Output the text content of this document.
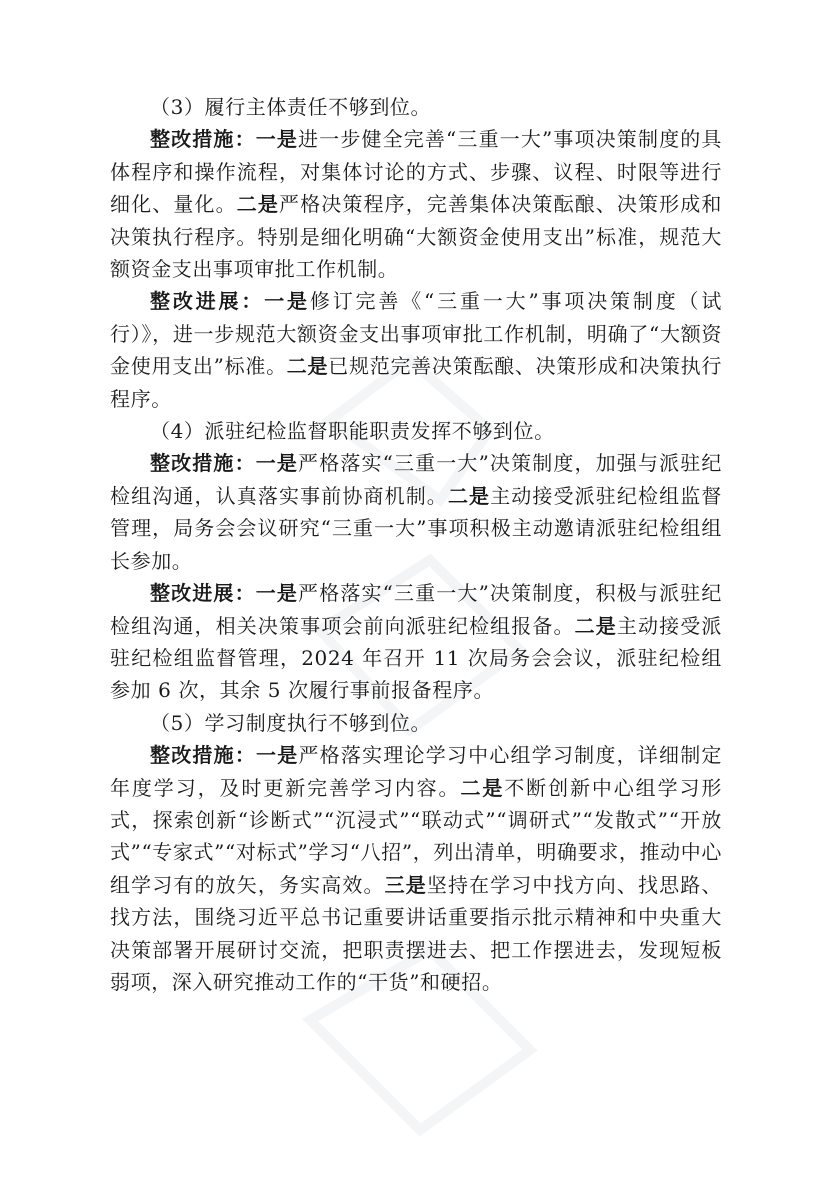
（3）履行主体责任不够到位。

整改措施：一是进一步健全完善“三重一大”事项决策制度的具体程序和操作流程，对集体讨论的方式、步骤、议程、时限等进行细化、量化。二是严格决策程序，完善集体决策酝酿、决策形成和决策执行程序。特别是细化明确“大额资金使用支出”标准，规范大额资金支出事项审批工作机制。

整改进展：一是修订完善《“三重一大”事项决策制度（试行）》，进一步规范大额资金支出事项审批工作机制，明确了“大额资金使用支出”标准。二是已规范完善决策酝酿、决策形成和决策执行程序。

（4）派驻纪检监督职能职责发挥不够到位。

整改措施：一是严格落实“三重一大”决策制度，加强与派驻纪检组沟通，认真落实事前协商机制。二是主动接受派驻纪检组监督管理，局务会会议研究“三重一大”事项积极主动邀请派驻纪检组组长参加。

整改进展：一是严格落实“三重一大”决策制度，积极与派驻纪检组沟通，相关决策事项会前向派驻纪检组报备。二是主动接受派驻纪检组监督管理，2024 年召开 11 次局务会会议，派驻纪检组参加 6 次，其余 5 次履行事前报备程序。

（5）学习制度执行不够到位。

整改措施：一是严格落实理论学习中心组学习制度，详细制定年度学习，及时更新完善学习内容。二是不断创新中心组学习形式，探索创新“诊断式”“沉浸式”“联动式”“调研式”“发散式”“开放式”“专家式”“对标式”学习“八招”，列出清单，明确要求，推动中心组学习有的放矢，务实高效。三是坚持在学习中找方向、找思路、找方法，围绕习近平总书记重要讲话重要指示批示精神和中央重大决策部署开展研讨交流，把职责摆进去、把工作摆进去，发现短板弱项，深入研究推动工作的“干货”和硬招。
